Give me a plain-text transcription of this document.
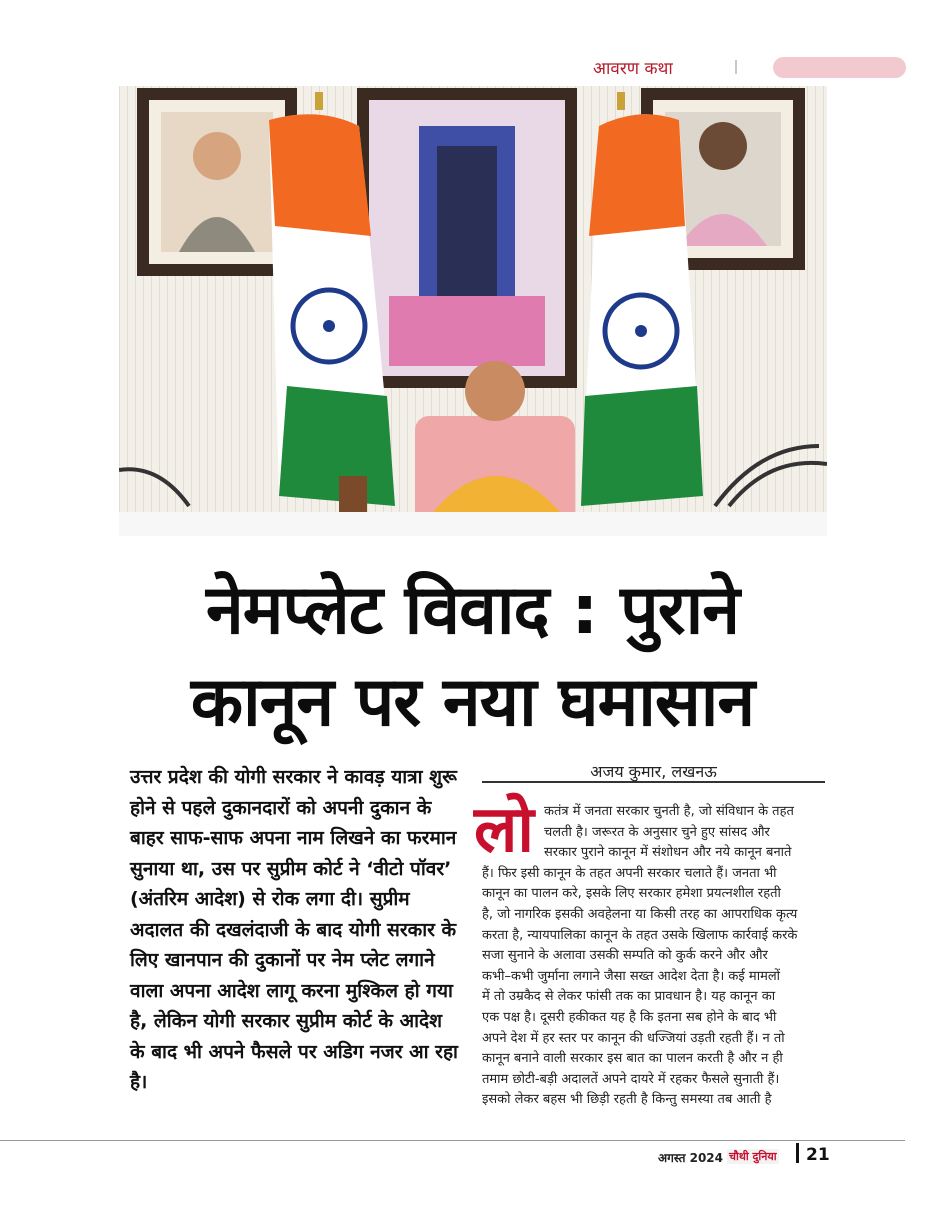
आवरण कथा
नेमप्लेट विवाद : पुराने
कानून पर नया घमासान
उत्तर प्रदेश की योगी सरकार ने कावड़ यात्रा शुरू होने से पहले दुकानदारों को अपनी दुकान के बाहर साफ-साफ अपना नाम लिखने का फरमान सुनाया था, उस पर सुप्रीम कोर्ट ने ‘वीटो पॉवर’ (अंतरिम आदेश) से रोक लगा दी। सुप्रीम अदालत की दखलंदाजी के बाद योगी सरकार के लिए खानपान की दुकानों पर नेम प्लेट लगाने वाला अपना आदेश लागू करना मुश्किल हो गया है, लेकिन योगी सरकार सुप्रीम कोर्ट के आदेश के बाद भी अपने फैसले पर अडिग नजर आ रहा है।
अजय कुमार, लखनऊ
लो कतंत्र में जनता सरकार चुनती है, जो संविधान के तहत
चलती है। जरूरत के अनुसार चुने हुए सांसद और
सरकार पुराने कानून में संशोधन और नये कानून बनाते
हैं। फिर इसी कानून के तहत अपनी सरकार चलाते हैं। जनता भी
कानून का पालन करे, इसके लिए सरकार हमेशा प्रयत्नशील रहती
है, जो नागरिक इसकी अवहेलना या किसी तरह का आपराधिक कृत्य
करता है, न्यायपालिका कानून के तहत उसके खिलाफ कार्रवाई करके
सजा सुनाने के अलावा उसकी सम्पति को कुर्क करने और और
कभी–कभी जुर्माना लगाने जैसा सख्त आदेश देता है। कई मामलों
में तो उम्रकैद से लेकर फांसी तक का प्रावधान है। यह कानून का
एक पक्ष है। दूसरी हकीकत यह है कि इतना सब होने के बाद भी
अपने देश में हर स्तर पर कानून की धज्जियां उड़ती रहती हैं। न तो
कानून बनाने वाली सरकार इस बात का पालन करती है और न ही
तमाम छोटी-बड़ी अदालतें अपने दायरे में रहकर फैसले सुनाती हैं।
इसको लेकर बहस भी छिड़ी रहती है किन्तु समस्या तब आती है
अगस्त 2024 चौथी दुनिया 21
